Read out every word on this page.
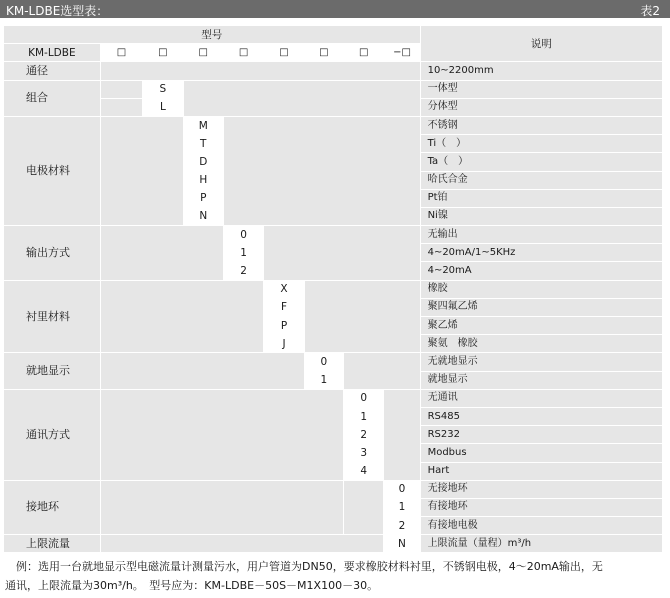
KM-LDBE选型表：	表2
型号									说明
KM-LDBE	□	□	□	□	□	□	□	−□	
通径									10~2200mm
组合		S							一体型
		L							分体型
电极材料			M						不锈钢
			T						Ti（　）
			D						Ta（　）
			H						哈氏合金
			P						Pt铂
			N						Ni镍
输出方式				0					无输出
				1					4~20mA/1~5KHz
				2					4~20mA
衬里材料					X				橡胶
					F				聚四氟乙烯
					P				聚乙烯
					J				聚氨　橡胶
就地显示						0			无就地显示
						1			就地显示
通讯方式							0		无通讯
							1		RS485
							2		RS232
							3		Modbus
							4		Hart
接地环								0	无接地环
								1	有接地环
								2	有接地电极
上限流量								N	上限流量（量程）m³/h
　例：选用一台就地显示型电磁流量计测量污水，用户管道为DN50，要求橡胶材料衬里，不锈钢电极，4～20mA输出，无
通讯，上限流量为30m³/h。　型号应为：KM-LDBE－50S－M1X100－30。
